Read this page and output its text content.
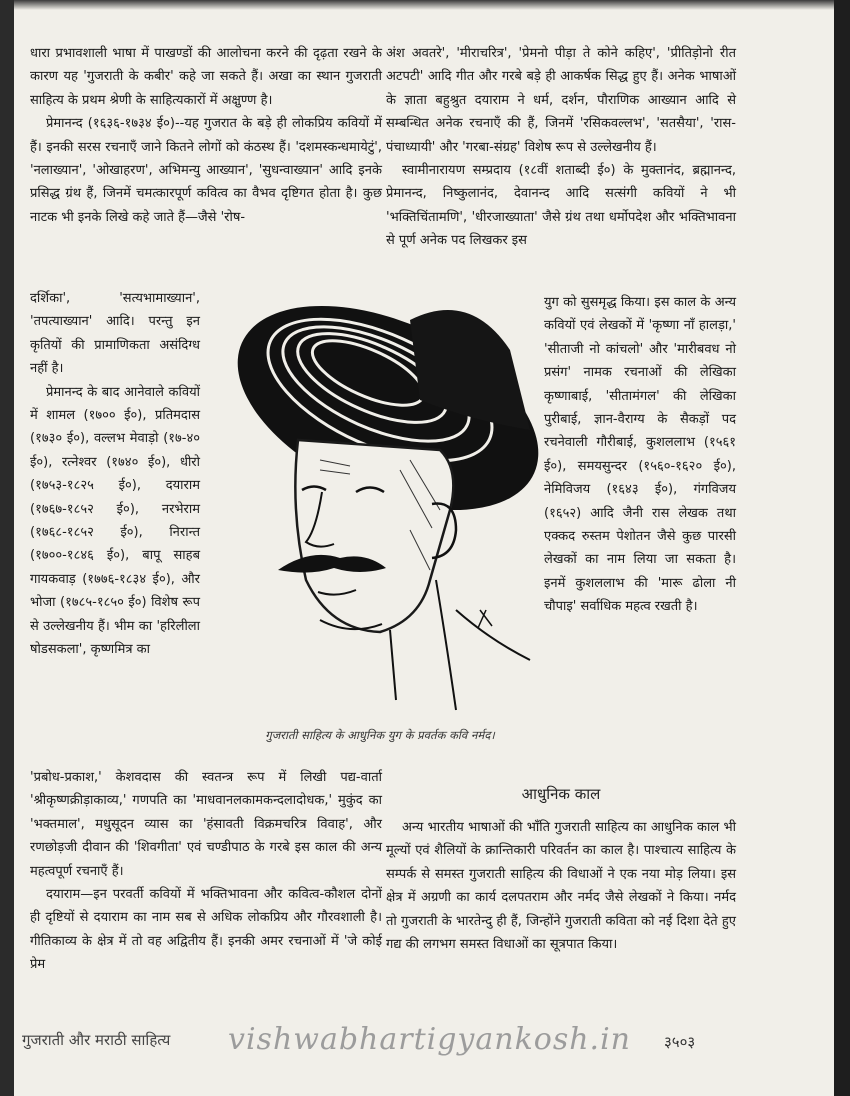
धारा प्रभावशाली भाषा में पाखण्डों की आलोचना करने की दृढ़ता रखने के कारण यह 'गुजराती के कबीर' कहे जा सकते हैं। अखा का स्थान गुजराती साहित्य के प्रथम श्रेणी के साहित्यकारों में अक्षुण्ण है।

प्रेमानन्द (१६३६-१७३४ ई०)--यह गुजरात के बड़े ही लोकप्रिय कवियों में हैं। इनकी सरस रचनाएँ जाने कितने लोगों को कंठस्थ हैं। 'दशमस्कन्धमायेटुं', 'नलाख्यान', 'ओखाहरण', अभिमन्यु आख्यान', 'सुधन्वाख्यान' आदि इनके प्रसिद्ध ग्रंथ हैं, जिनमें चमत्कारपूर्ण कवित्व का वैभव दृष्टिगत होता है। कुछ नाटक भी इनके लिखे कहे जाते हैं—जैसे 'रोष-

दर्शिका', 'सत्यभामाख्यान', 'तपत्याख्यान' आदि। परन्तु इन कृतियों की प्रामाणिकता असंदिग्ध नहीं है।

प्रेमानन्द के बाद आनेवाले कवियों में शामल (१७०० ई०), प्रतिमदास (१७३० ई०), वल्लभ मेवाड़ो (१७-४० ई०), रत्नेश्वर (१७४० ई०), धीरो (१७५३-१८२५ ई०), दयाराम (१७६७-१८५२ ई०), नरभेराम (१७६८-१८५२ ई०), निरान्त (१७००-१८४६ ई०), बापू साहब गायकवाड़ (१७७६-१८३४ ई०), और भोजा (१७८५-१८५० ई०) विशेष रूप से उल्लेखनीय हैं। भीम का 'हरिलीला षोडसकला', कृष्णमित्र का

'प्रबोध-प्रकाश,' केशवदास की स्वतन्त्र रूप में लिखी पद्य-वार्ता 'श्रीकृष्णक्रीड़ाकाव्य,' गणपति का 'माधवानलकामकन्दलादोधक,' मुकुंद का 'भक्तमाल', मधुसूदन व्यास का 'हंसावती विक्रमचरित्र विवाह', और रणछोड़जी दीवान की 'शिवगीता' एवं चण्डीपाठ के गरबे इस काल की अन्य महत्वपूर्ण रचनाएँ हैं।

दयाराम—इन परवर्ती कवियों में भक्तिभावना और कवित्व-कौशल दोनों ही दृष्टियों से दयाराम का नाम सब से अधिक लोकप्रिय और गौरवशाली है। गीतिकाव्य के क्षेत्र में तो वह अद्वितीय हैं। इनकी अमर रचनाओं में 'जे कोई प्रेम

अंश अवतरे', 'मीराचरित्र', 'प्रेमनो पीड़ा ते कोने कहिए', 'प्रीतिड़ोनो रीत अटपटी' आदि गीत और गरबे बड़े ही आकर्षक सिद्ध हुए हैं। अनेक भाषाओं के ज्ञाता बहुश्रुत दयाराम ने धर्म, दर्शन, पौराणिक आख्यान आदि से सम्बन्धित अनेक रचनाएँ की हैं, जिनमें 'रसिकवल्लभ', 'सतसैया', 'रास-पंचाध्यायी' और 'गरबा-संग्रह' विशेष रूप से उल्लेखनीय हैं।

स्वामीनारायण सम्प्रदाय (१८वीं शताब्दी ई०) के मुक्तानंद, ब्रह्मानन्द, प्रेमानन्द, निष्कुलानंद, देवानन्द आदि सत्संगी कवियों ने भी 'भक्तिचिंतामणि', 'धीरजाख्याता' जैसे ग्रंथ तथा धर्मोपदेश और भक्तिभावना से पूर्ण अनेक पद लिखकर इस

युग को सुसमृद्ध किया। इस काल के अन्य कवियों एवं लेखकों में 'कृष्णा नाँ हालड़ा,' 'सीताजी नो कांचलो' और 'मारीबवध नो प्रसंग' नामक रचनाओं की लेखिका कृष्णाबाई, 'सीतामंगल' की लेखिका पुरीबाई, ज्ञान-वैराग्य के सैकड़ों पद रचनेवाली गौरीबाई, कुशललाभ (१५६१ ई०), समयसुन्दर (१५६०-१६२० ई०), नेमिविजय (१६४३ ई०), गंगविजय (१६५२) आदि जैनी रास लेखक तथा एक्कद रुस्तम पेशोतन जैसे कुछ पारसी लेखकों का नाम लिया जा सकता है। इनमें कुशललाभ की 'मारू ढोला नी चौपाइ' सर्वाधिक महत्व रखती है।

आधुनिक काल

अन्य भारतीय भाषाओं की भाँति गुजराती साहित्य का आधुनिक काल भी मूल्यों एवं शैलियों के क्रान्तिकारी परिवर्तन का काल है। पाश्चात्य साहित्य के सम्पर्क से समस्त गुजराती साहित्य की विधाओं ने एक नया मोड़ लिया। इस क्षेत्र में अग्रणी का कार्य दलपतराम और नर्मद जैसे लेखकों ने किया। नर्मद तो गुजराती के भारतेन्दु ही हैं, जिन्होंने गुजराती कविता को नई दिशा देते हुए गद्य की लगभग समस्त विधाओं का सूत्रपात किया।

गुजराती साहित्य के आधुनिक युग के प्रवर्तक कवि नर्मद।
गुजराती और मराठी साहित्य vishwabhartigyankosh.in ३५०३
